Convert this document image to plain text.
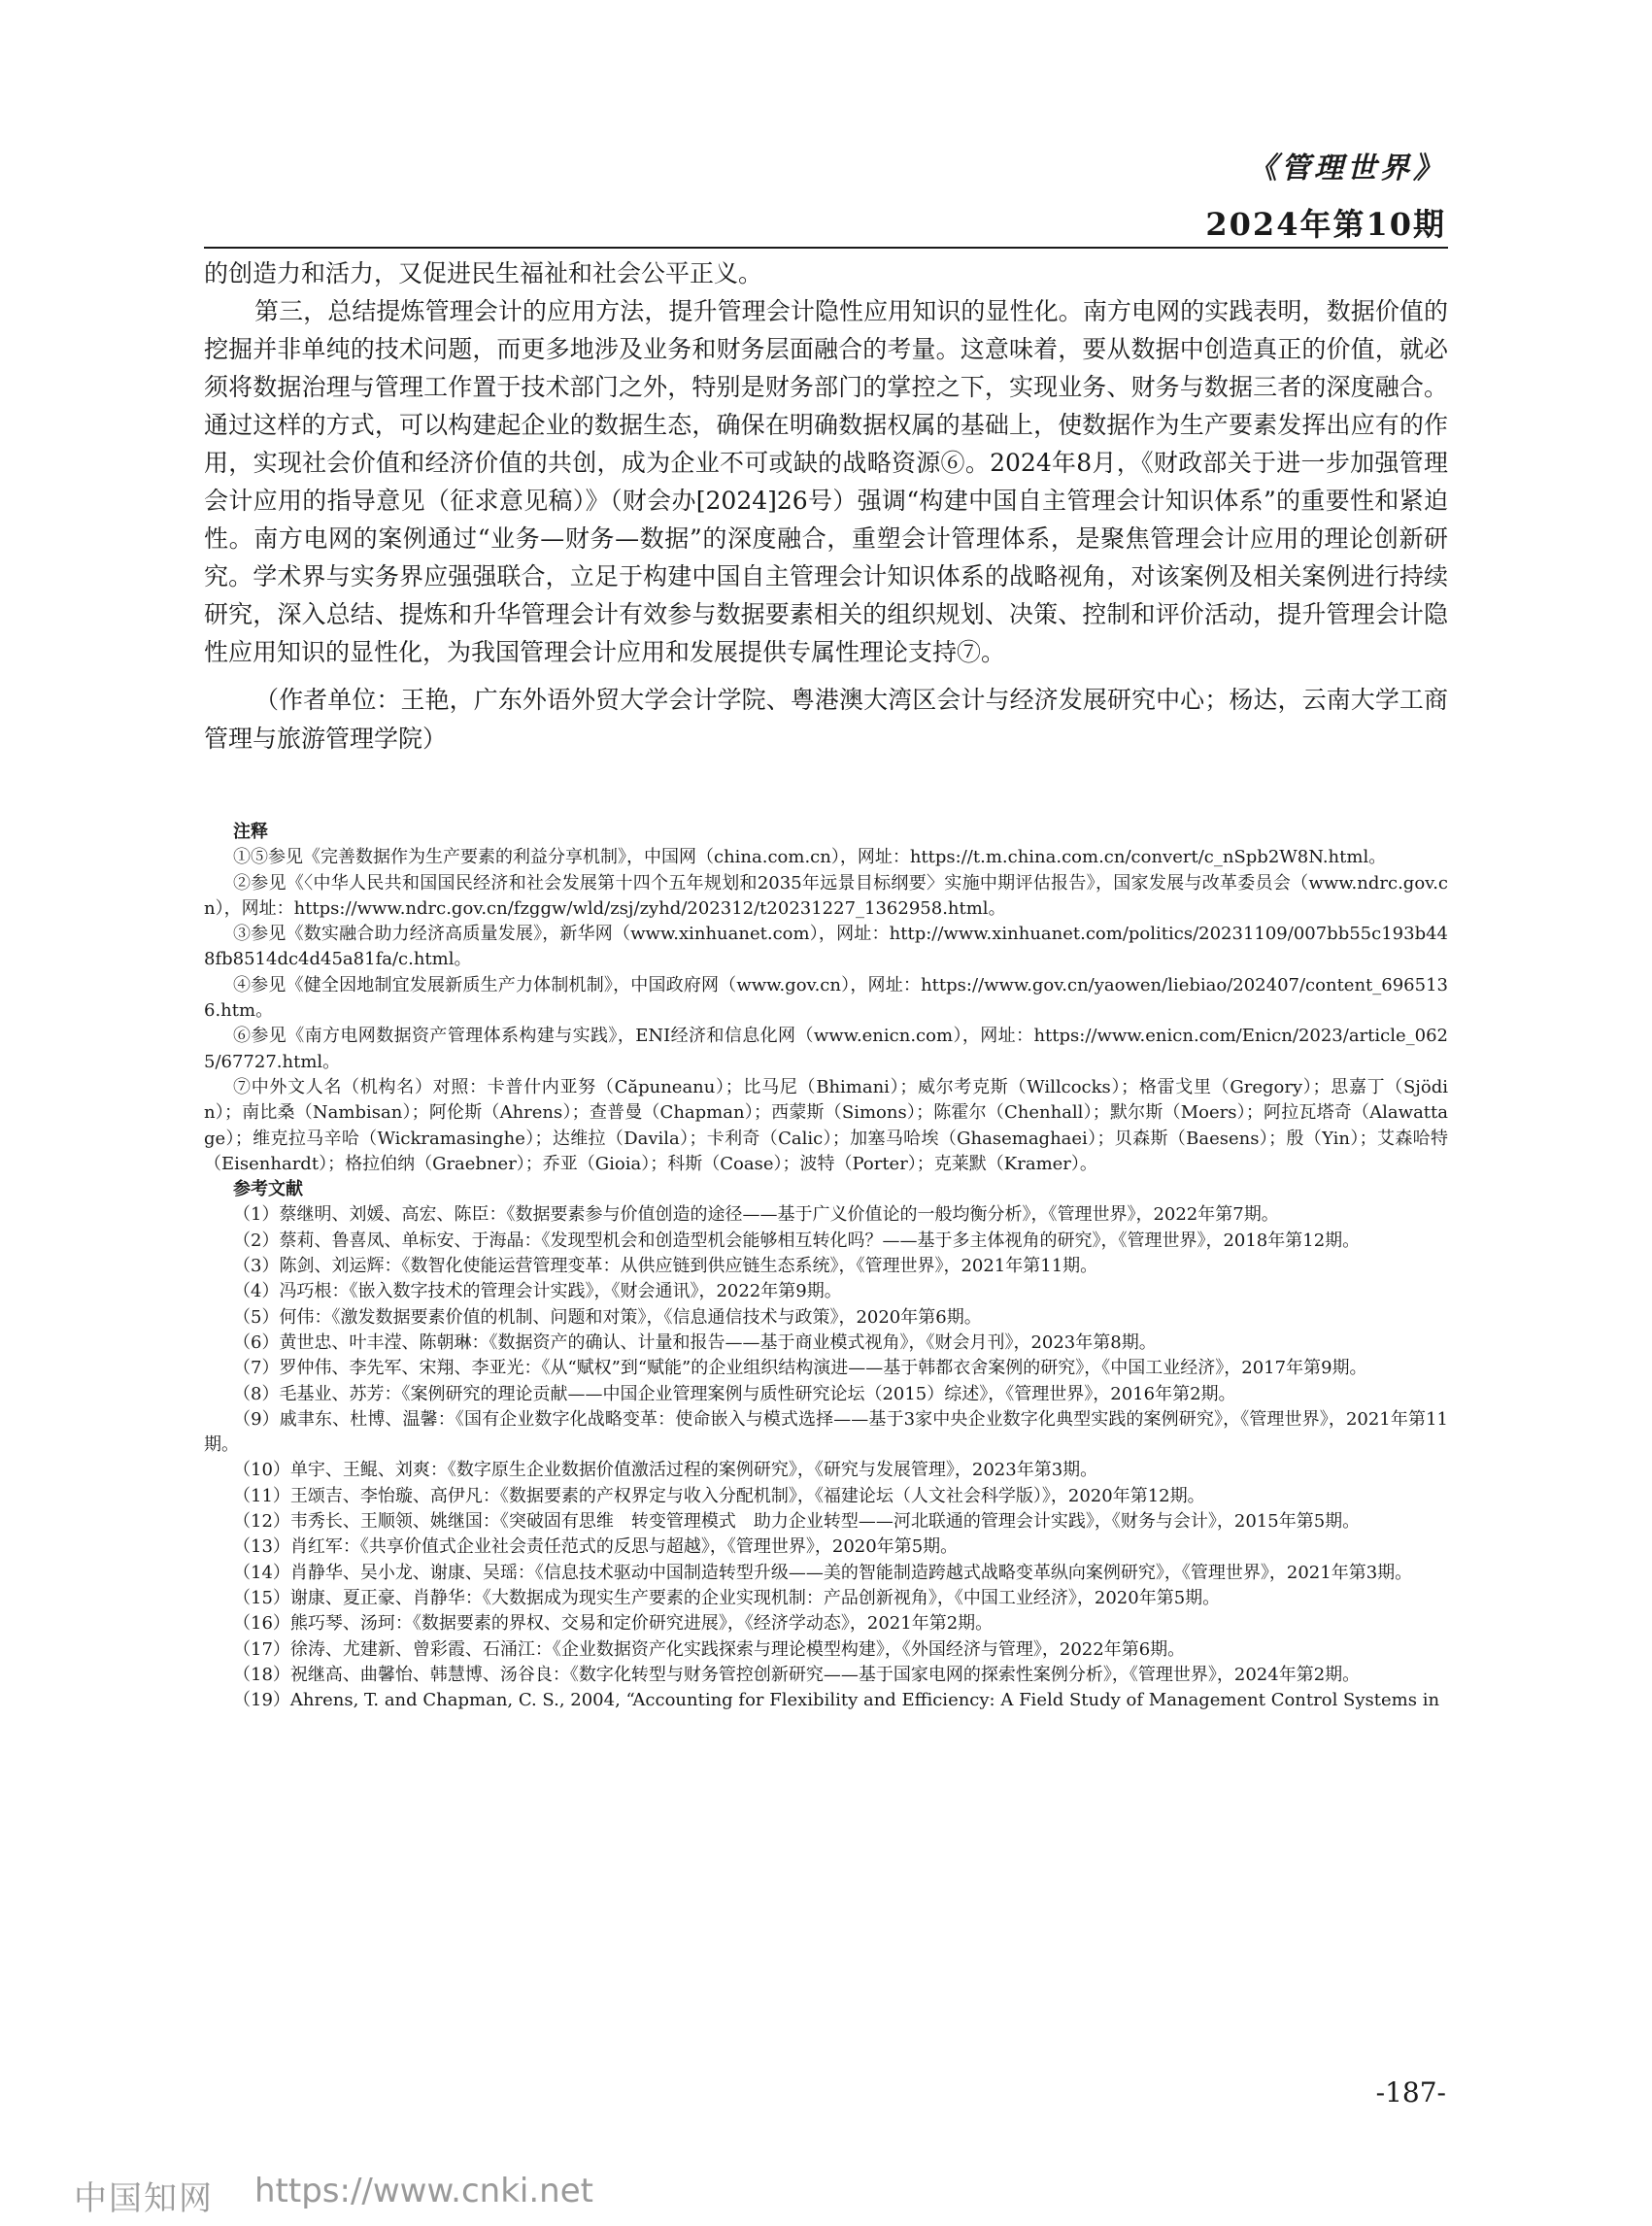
《管理世界》
2024年第10期

的创造力和活力，又促进民生福祉和社会公平正义。

第三，总结提炼管理会计的应用方法，提升管理会计隐性应用知识的显性化。南方电网的实践表明，数据价值的挖掘并非单纯的技术问题，而更多地涉及业务和财务层面融合的考量。这意味着，要从数据中创造真正的价值，就必须将数据治理与管理工作置于技术部门之外，特别是财务部门的掌控之下，实现业务、财务与数据三者的深度融合。通过这样的方式，可以构建起企业的数据生态，确保在明确数据权属的基础上，使数据作为生产要素发挥出应有的作用，实现社会价值和经济价值的共创，成为企业不可或缺的战略资源⑥。2024年8月，《财政部关于进一步加强管理会计应用的指导意见（征求意见稿）》（财会办[2024]26号）强调“构建中国自主管理会计知识体系”的重要性和紧迫性。南方电网的案例通过“业务—财务—数据”的深度融合，重塑会计管理体系，是聚焦管理会计应用的理论创新研究。学术界与实务界应强强联合，立足于构建中国自主管理会计知识体系的战略视角，对该案例及相关案例进行持续研究，深入总结、提炼和升华管理会计有效参与数据要素相关的组织规划、决策、控制和评价活动，提升管理会计隐性应用知识的显性化，为我国管理会计应用和发展提供专属性理论支持⑦。

（作者单位：王艳，广东外语外贸大学会计学院、粤港澳大湾区会计与经济发展研究中心；杨达，云南大学工商管理与旅游管理学院）

注释

①⑤参见《完善数据作为生产要素的利益分享机制》，中国网（china.com.cn），网址：https://t.m.china.com.cn/convert/c_nSpb2W8N.html。

②参见《〈中华人民共和国国民经济和社会发展第十四个五年规划和2035年远景目标纲要〉实施中期评估报告》，国家发展与改革委员会（www.ndrc.gov.cn），网址：https://www.ndrc.gov.cn/fzggw/wld/zsj/zyhd/202312/t20231227_1362958.html。

③参见《数实融合助力经济高质量发展》，新华网（www.xinhuanet.com），网址：http://www.xinhuanet.com/politics/20231109/007bb55c193b448fb8514dc4d45a81fa/c.html。

④参见《健全因地制宜发展新质生产力体制机制》，中国政府网（www.gov.cn），网址：https://www.gov.cn/yaowen/liebiao/202407/content_6965136.htm。

⑥参见《南方电网数据资产管理体系构建与实践》，ENI经济和信息化网（www.enicn.com），网址：https://www.enicn.com/Enicn/2023/article_0625/67727.html。

⑦中外文人名（机构名）对照：卡普什内亚努（Căpuneanu）；比马尼（Bhimani）；威尔考克斯（Willcocks）；格雷戈里（Gregory）；思嘉丁（Sjödin）；南比桑（Nambisan）；阿伦斯（Ahrens）；查普曼（Chapman）；西蒙斯（Simons）；陈霍尔（Chenhall）；默尔斯（Moers）；阿拉瓦塔奇（Alawattage）；维克拉马辛哈（Wickramasinghe）；达维拉（Davila）；卡利奇（Calic）；加塞马哈埃（Ghasemaghaei）；贝森斯（Baesens）；殷（Yin）；艾森哈特（Eisenhardt）；格拉伯纳（Graebner）；乔亚（Gioia）；科斯（Coase）；波特（Porter）；克莱默（Kramer）。

参考文献

（1）蔡继明、刘媛、高宏、陈臣：《数据要素参与价值创造的途径——基于广义价值论的一般均衡分析》，《管理世界》，2022年第7期。

（2）蔡莉、鲁喜凤、单标安、于海晶：《发现型机会和创造型机会能够相互转化吗？——基于多主体视角的研究》，《管理世界》，2018年第12期。

（3）陈剑、刘运辉：《数智化使能运营管理变革：从供应链到供应链生态系统》，《管理世界》，2021年第11期。

（4）冯巧根：《嵌入数字技术的管理会计实践》，《财会通讯》，2022年第9期。

（5）何伟：《激发数据要素价值的机制、问题和对策》，《信息通信技术与政策》，2020年第6期。

（6）黄世忠、叶丰滢、陈朝琳：《数据资产的确认、计量和报告——基于商业模式视角》，《财会月刊》，2023年第8期。

（7）罗仲伟、李先军、宋翔、李亚光：《从“赋权”到“赋能”的企业组织结构演进——基于韩都衣舍案例的研究》，《中国工业经济》，2017年第9期。

（8）毛基业、苏芳：《案例研究的理论贡献——中国企业管理案例与质性研究论坛（2015）综述》，《管理世界》，2016年第2期。

（9）戚聿东、杜博、温馨：《国有企业数字化战略变革：使命嵌入与模式选择——基于3家中央企业数字化典型实践的案例研究》，《管理世界》，2021年第11期。

（10）单宇、王鲲、刘爽：《数字原生企业数据价值激活过程的案例研究》，《研究与发展管理》，2023年第3期。

（11）王颂吉、李怡璇、高伊凡：《数据要素的产权界定与收入分配机制》，《福建论坛（人文社会科学版）》，2020年第12期。

（12）韦秀长、王顺领、姚继国：《突破固有思维　转变管理模式　助力企业转型——河北联通的管理会计实践》，《财务与会计》，2015年第5期。

（13）肖红军：《共享价值式企业社会责任范式的反思与超越》，《管理世界》，2020年第5期。

（14）肖静华、吴小龙、谢康、吴瑶：《信息技术驱动中国制造转型升级——美的智能制造跨越式战略变革纵向案例研究》，《管理世界》，2021年第3期。

（15）谢康、夏正豪、肖静华：《大数据成为现实生产要素的企业实现机制：产品创新视角》，《中国工业经济》，2020年第5期。

（16）熊巧琴、汤珂：《数据要素的界权、交易和定价研究进展》，《经济学动态》，2021年第2期。

（17）徐涛、尤建新、曾彩霞、石涌江：《企业数据资产化实践探索与理论模型构建》，《外国经济与管理》，2022年第6期。

（18）祝继高、曲馨怡、韩慧博、汤谷良：《数字化转型与财务管控创新研究——基于国家电网的探索性案例分析》，《管理世界》，2024年第2期。

（19）Ahrens, T. and Chapman, C. S., 2004, “Accounting for Flexibility and Efficiency: A Field Study of Management Control Systems in

-187-
中国知网 https://www.cnki.net
